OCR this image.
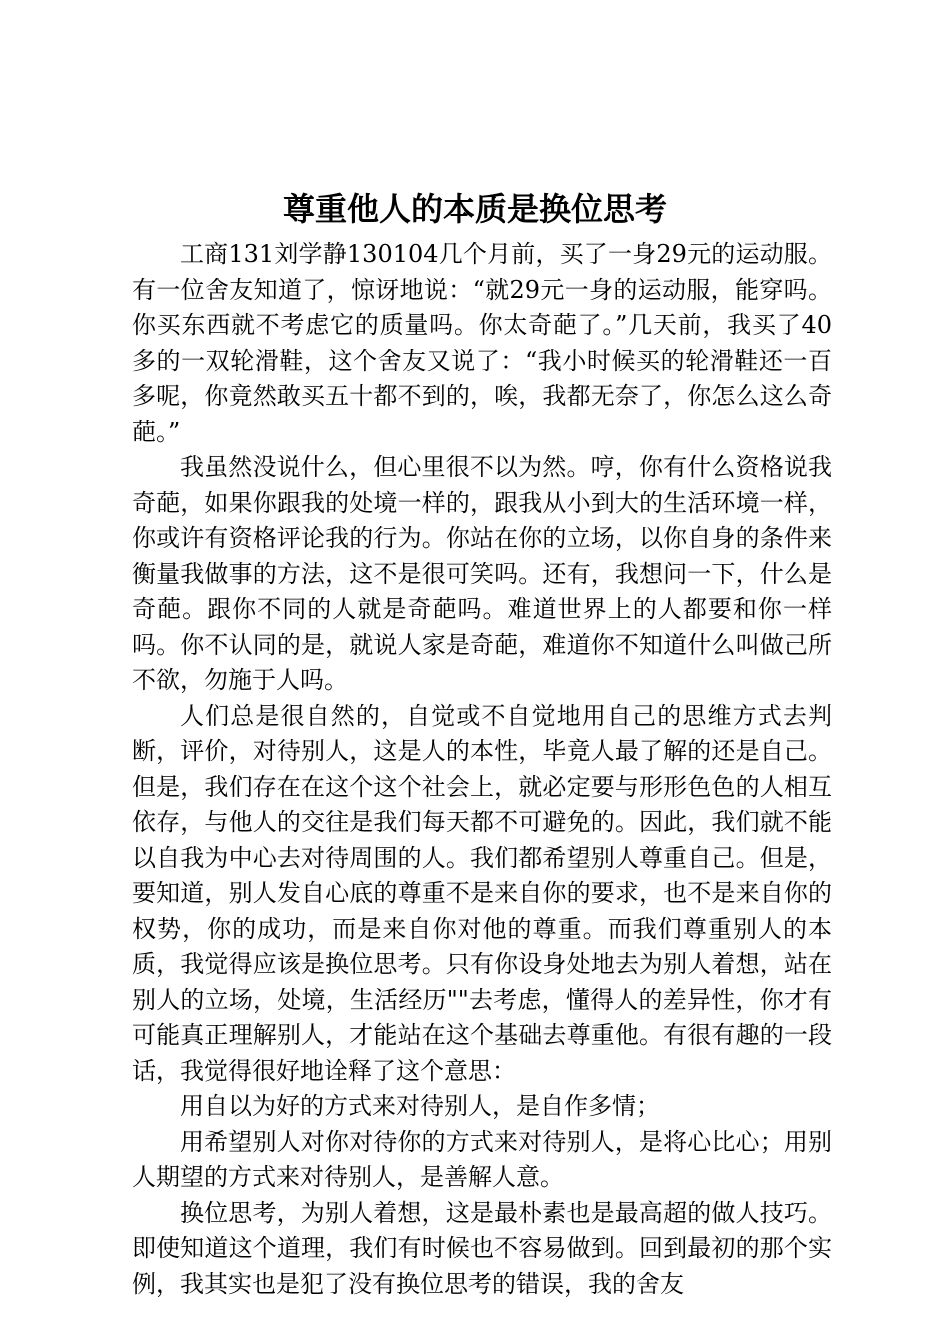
尊重他人的本质是换位思考

工商131刘学静130104几个月前，买了一身29元的运动服。有一位舍友知道了，惊讶地说：“就29元一身的运动服，能穿吗。你买东西就不考虑它的质量吗。你太奇葩了。”几天前，我买了40多的一双轮滑鞋，这个舍友又说了：“我小时候买的轮滑鞋还一百多呢，你竟然敢买五十都不到的，唉，我都无奈了，你怎么这么奇葩。”

我虽然没说什么，但心里很不以为然。哼，你有什么资格说我奇葩，如果你跟我的处境一样的，跟我从小到大的生活环境一样，你或许有资格评论我的行为。你站在你的立场，以你自身的条件来衡量我做事的方法，这不是很可笑吗。还有，我想问一下，什么是奇葩。跟你不同的人就是奇葩吗。难道世界上的人都要和你一样吗。你不认同的是，就说人家是奇葩，难道你不知道什么叫做己所不欲，勿施于人吗。

人们总是很自然的，自觉或不自觉地用自己的思维方式去判断，评价，对待别人，这是人的本性，毕竟人最了解的还是自己。但是，我们存在在这个这个社会上，就必定要与形形色色的人相互依存，与他人的交往是我们每天都不可避免的。因此，我们就不能以自我为中心去对待周围的人。我们都希望别人尊重自己。但是，要知道，别人发自心底的尊重不是来自你的要求，也不是来自你的权势，你的成功，而是来自你对他的尊重。而我们尊重别人的本质，我觉得应该是换位思考。只有你设身处地去为别人着想，站在别人的立场，处境，生活经历""去考虑，懂得人的差异性，你才有可能真正理解别人，才能站在这个基础去尊重他。有很有趣的一段话，我觉得很好地诠释了这个意思：

用自以为好的方式来对待别人，是自作多情；

用希望别人对你对待你的方式来对待别人，是将心比心；用别人期望的方式来对待别人，是善解人意。

换位思考，为别人着想，这是最朴素也是最高超的做人技巧。即使知道这个道理，我们有时候也不容易做到。回到最初的那个实例，我其实也是犯了没有换位思考的错误，我的舍友
